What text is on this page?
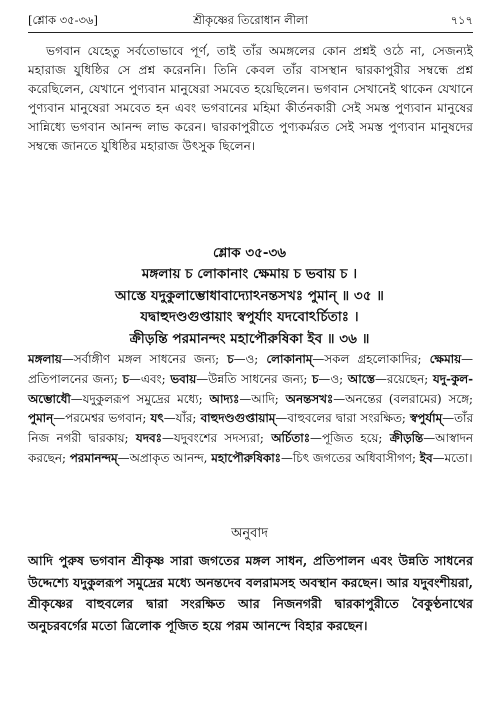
[শ্লোক ৩৫-৩৬]	শ্রীকৃষ্ণের তিরোধান লীলা	৭১৭

ভগবান যেহেতু সর্বতোভাবে পূর্ণ, তাই তাঁর অমঙ্গলের কোন প্রশ্নই ওঠে না, সেজন্যই মহারাজ যুধিষ্ঠির সে প্রশ্ন করেননি। তিনি কেবল তাঁর বাসস্থান দ্বারকাপুরীর সম্বন্ধে প্রশ্ন করেছিলেন, যেখানে পুণ্যবান মানুষেরা সমবেত হয়েছিলেন। ভগবান সেখানেই থাকেন যেখানে পুণ্যবান মানুষেরা সমবেত হন এবং ভগবানের মহিমা কীর্তনকারী সেই সমস্ত পুণ্যবান মানুষের সান্নিধ্যে ভগবান আনন্দ লাভ করেন। দ্বারকাপুরীতে পুণ্যকর্মরত সেই সমস্ত পুণ্যবান মানুষদের সম্বন্ধে জানতে যুধিষ্ঠির মহারাজ উৎসুক ছিলেন।

শ্লোক ৩৫-৩৬
মঙ্গলায় চ লোকানাং ক্ষেমায় চ ভবায় চ ।
আস্তে যদুকুলাম্ভোধাবাদ্যোঽনন্তসখঃ পুমান্ ॥ ৩৫ ॥
যদ্বাহুদণ্ডগুপ্তায়াং স্বপুর্যাং যদবোঽর্চিতাঃ ।
ক্রীড়ন্তি পরমানন্দং মহাপৌরুষিকা ইব ॥ ৩৬ ॥
মঙ্গলায়—সর্বাঙ্গীণ মঙ্গল সাধনের জন্য; চ—ও; লোকানাম্—সকল গ্রহলোকাদির; ক্ষেমায়—প্রতিপালনের জন্য; চ—এবং; ভবায়—উন্নতি সাধনের জন্য; চ—ও; আস্তে—রয়েছেন; যদু-কুল-অম্ভোধৌ—যদুকুলরূপ সমুদ্রের মধ্যে; আদ্যঃ—আদি; অনন্তসখঃ—অনন্তের (বলরামের) সঙ্গে; পুমান্—পরমেশ্বর ভগবান; যৎ—যাঁর; বাহুদণ্ডগুপ্তায়াম্—বাহুবলের দ্বারা সংরক্ষিত; স্বপুর্যাম্—তাঁর নিজ নগরী দ্বারকায়; যদবঃ—যদুবংশের সদস্যরা; অর্চিতাঃ—পূজিত হয়ে; ক্রীড়ন্তি—আস্বাদন করছেন; পরমানন্দম্—অপ্রাকৃত আনন্দ, মহাপৌরুষিকাঃ—চিৎ জগতের অধিবাসীগণ; ইব—মতো।
অনুবাদ
আদি পুরুষ ভগবান শ্রীকৃষ্ণ সারা জগতের মঙ্গল সাধন, প্রতিপালন এবং উন্নতি সাধনের উদ্দেশ্যে যদুকুলরূপ সমুদ্রের মধ্যে অনন্তদেব বলরামসহ অবস্থান করছেন। আর যদুবংশীয়রা, শ্রীকৃষ্ণের বাহুবলের দ্বারা সংরক্ষিত আর নিজনগরী দ্বারকাপুরীতে বৈকুণ্ঠনাথের অনুচরবর্গের মতো ত্রিলোক পূজিত হয়ে পরম আনন্দে বিহার করছেন।
